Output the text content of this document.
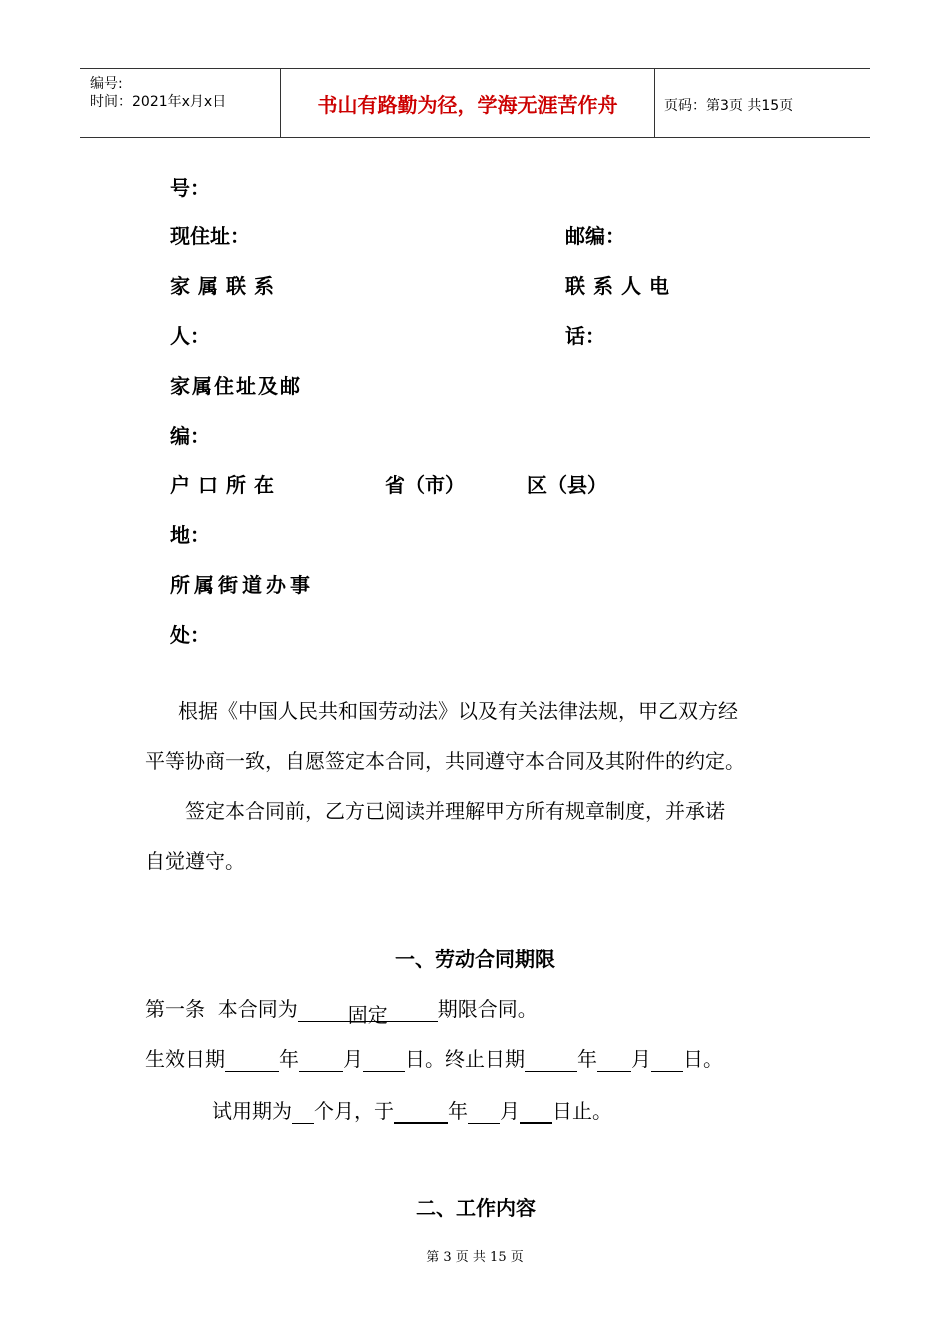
编号:
时间：2021年x月x日	书山有路勤为径，学海无涯苦作舟	页码：第3页 共15页
号：
现住址：	邮编：
家属联系	联系人电
人：	话：
家属住址及邮
编：
户口所在	省（市）	区（县）
地：
所属街道办事
处：
根据《中国人民共和国劳动法》以及有关法律法规，甲乙双方经
平等协商一致，自愿签定本合同，共同遵守本合同及其附件的约定。
签定本合同前，乙方已阅读并理解甲方所有规章制度，并承诺
自觉遵守。
一、劳动合同期限
第一条  本合同为	固定	期限合同。
生效日期	年 月 日。终止日期	年 月 日。
试用期为 个月，于	年 月 日止。
二、工作内容
第 3 页 共 15 页
